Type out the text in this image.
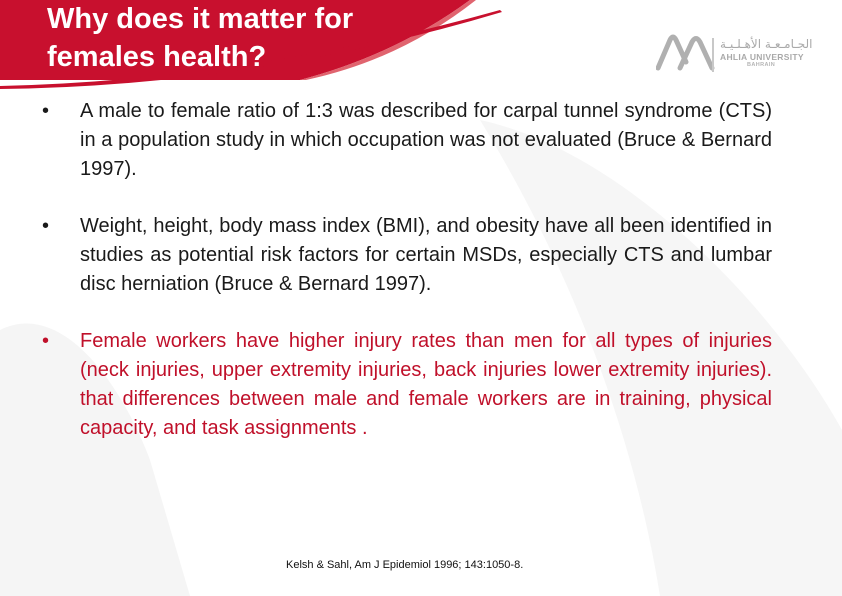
Why does it matter for
females health?	الجـامـعـة الأهـلـيـة
AHLIA UNIVERSITY
BAHRAIN
• A male to female ratio of 1:3 was described for carpal tunnel syndrome (CTS) in a population study in which occupation was not evaluated (Bruce & Bernard 1997).
• Weight, height, body mass index (BMI), and obesity have all been identified in studies as potential risk factors for certain MSDs, especially CTS and lumbar disc herniation (Bruce & Bernard 1997).
• Female workers have higher injury rates than men for all types of injuries (neck injuries, upper extremity injuries, back injuries lower extremity injuries). that differences between male and female workers are in training, physical capacity, and task assignments .
Kelsh & Sahl, Am J Epidemiol 1996; 143:1050-8.
